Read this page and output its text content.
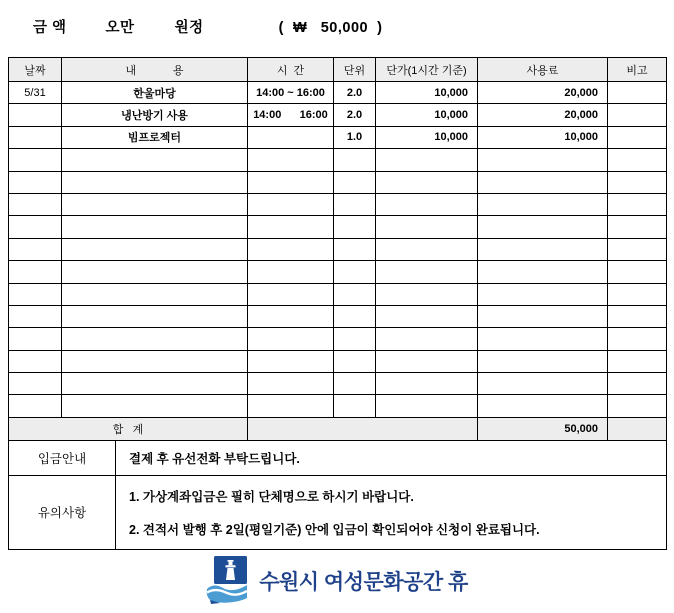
금 액	오만	원정	(  ₩   50,000  )
날짜	내            용	시  간	단위	단가(1시간 기준)	사용료	비고
5/31	한울마당	14:00 ~ 16:00	2.0	10,000	20,000	
	냉난방기 사용	14:00      16:00	2.0	10,000	20,000	
	빔프로젝터		1.0	10,000	10,000	

합   계					50,000	
입금안내	결제 후 유선전화 부탁드립니다.
유의사항	1. 가상계좌입금은 필히 단체명으로 하시기 바랍니다.
2. 견적서 발행 후 2일(평일기준) 안에 입금이 확인되어야 신청이 완료됩니다.
수원시 여성문화공간 휴
